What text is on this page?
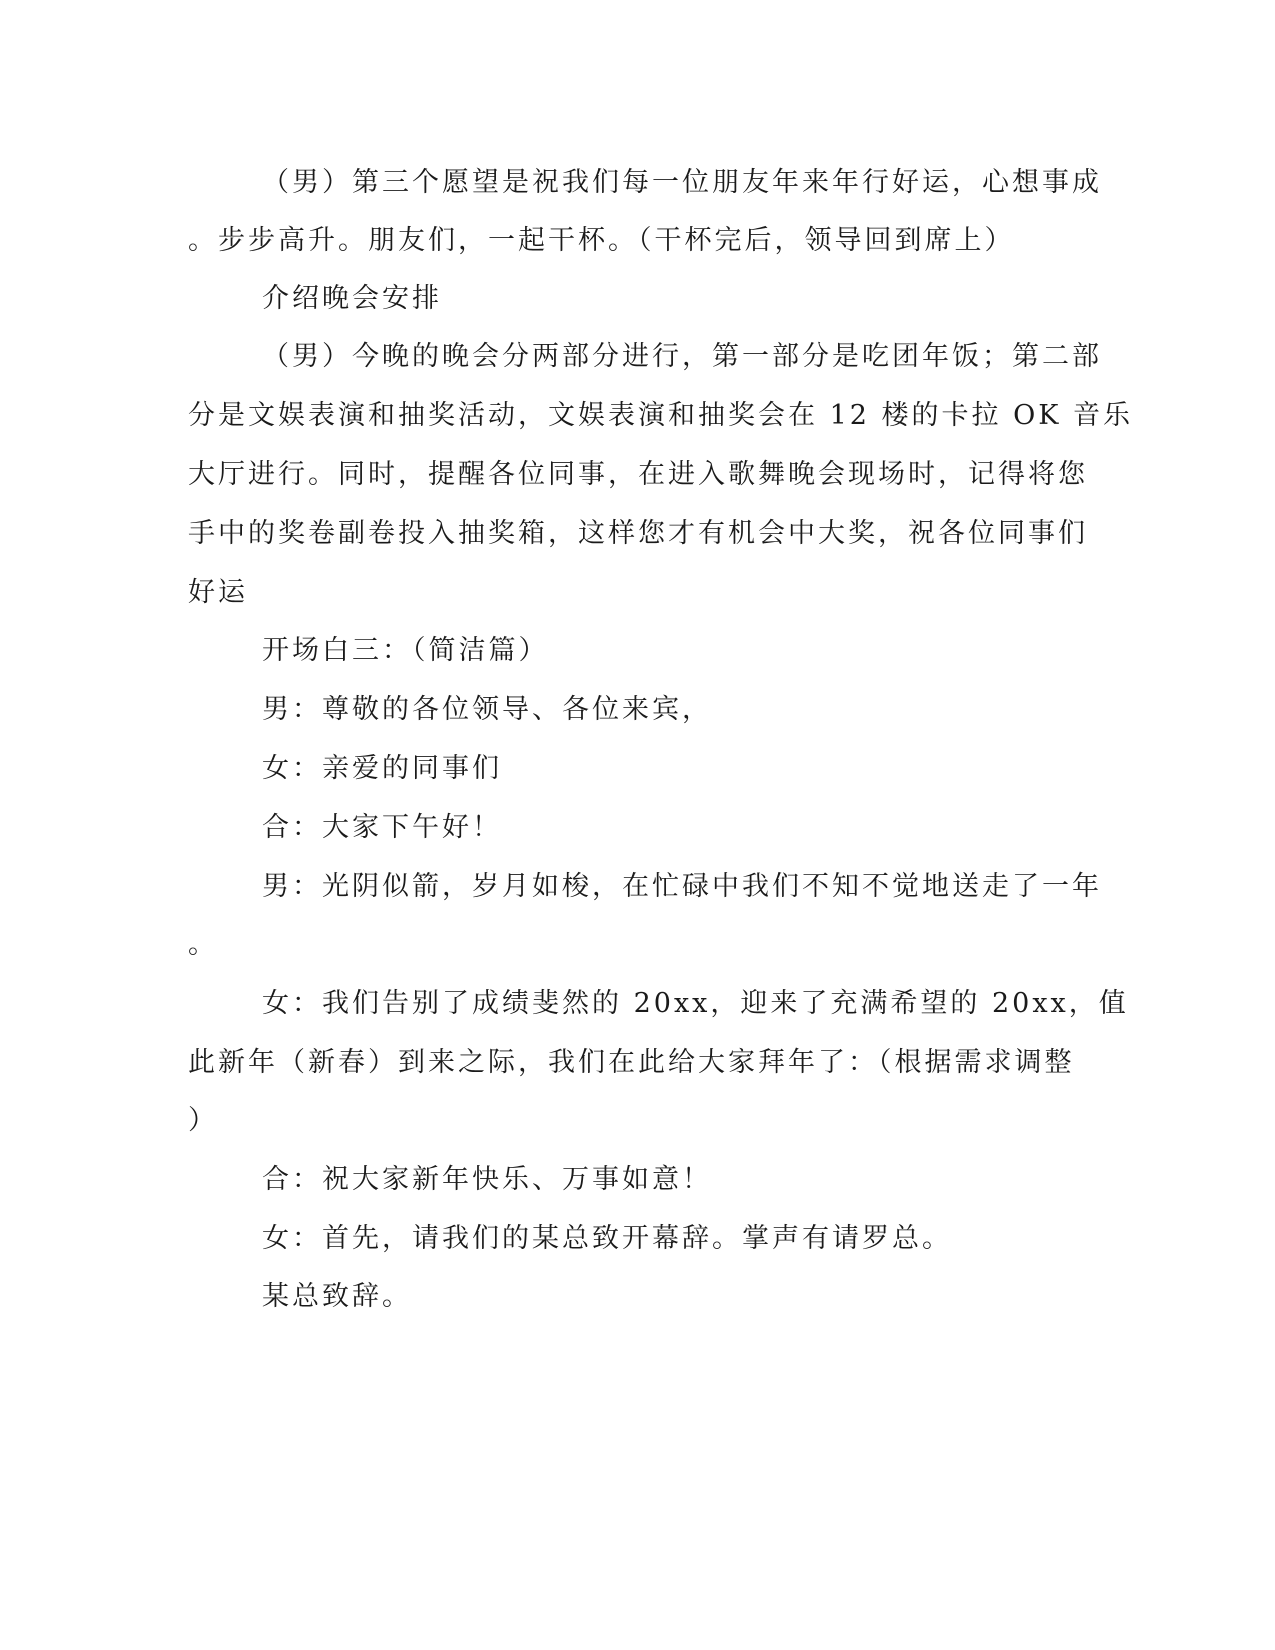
（男）第三个愿望是祝我们每一位朋友年来年行好运，心想事成
。步步高升。朋友们，一起干杯。（干杯完后，领导回到席上）
介绍晚会安排
（男）今晚的晚会分两部分进行，第一部分是吃团年饭；第二部
分是文娱表演和抽奖活动，文娱表演和抽奖会在 12 楼的卡拉 OK 音乐
大厅进行。同时，提醒各位同事，在进入歌舞晚会现场时，记得将您
手中的奖卷副卷投入抽奖箱，这样您才有机会中大奖，祝各位同事们
好运
开场白三：（简洁篇）
男：尊敬的各位领导、各位来宾，
女：亲爱的同事们
合：大家下午好！
男：光阴似箭，岁月如梭，在忙碌中我们不知不觉地送走了一年
。
女：我们告别了成绩斐然的 20xx，迎来了充满希望的 20xx，值
此新年（新春）到来之际，我们在此给大家拜年了：（根据需求调整
）
合：祝大家新年快乐、万事如意！
女：首先，请我们的某总致开幕辞。掌声有请罗总。
某总致辞。
